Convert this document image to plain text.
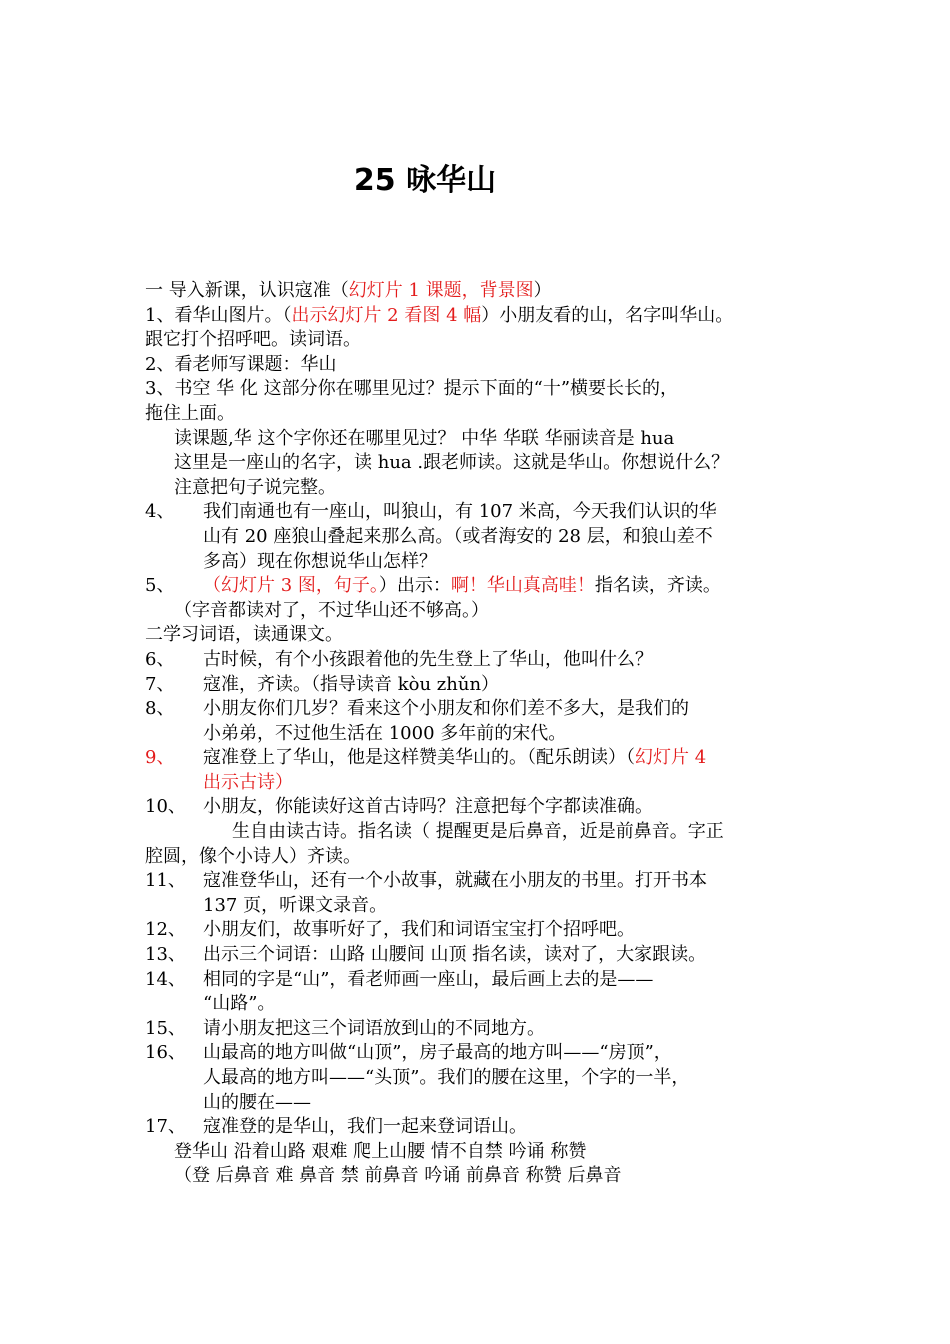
25 咏华山
一 导入新课，认识寇准（幻灯片 1 课题，背景图）
1、看华山图片。（出示幻灯片 2 看图 4 幅）小朋友看的山，名字叫华山。
跟它打个招呼吧。读词语。
2、看老师写课题：华山
3、书空 华 化 这部分你在哪里见过？提示下面的“十”横要长长的，
拖住上面。
读课题,华 这个字你还在哪里见过？ 中华 华联 华丽读音是 hua
这里是一座山的名字，读 hua .跟老师读。这就是华山。你想说什么？
注意把句子说完整。
4、 我们南通也有一座山，叫狼山，有 107 米高，今天我们认识的华
山有 20 座狼山叠起来那么高。（或者海安的 28 层，和狼山差不
多高）现在你想说华山怎样？
5、 （幻灯片 3 图，句子。）出示：啊！华山真高哇！指名读，齐读。
（字音都读对了，不过华山还不够高。）
二学习词语，读通课文。
6、 古时候，有个小孩跟着他的先生登上了华山，他叫什么？
7、 寇准，齐读。（指导读音 kòu zhǔn）
8、 小朋友你们几岁？看来这个小朋友和你们差不多大，是我们的
小弟弟，不过他生活在 1000 多年前的宋代。
9、 寇准登上了华山，他是这样赞美华山的。（配乐朗读）（幻灯片 4
出示古诗）
10、 小朋友，你能读好这首古诗吗？注意把每个字都读准确。
生自由读古诗。指名读（ 提醒更是后鼻音，近是前鼻音。字正
腔圆，像个小诗人）齐读。
11、 寇准登华山，还有一个小故事，就藏在小朋友的书里。打开书本
137 页，听课文录音。
12、 小朋友们，故事听好了，我们和词语宝宝打个招呼吧。
13、 出示三个词语：山路 山腰间 山顶 指名读，读对了，大家跟读。
14、 相同的字是“山”，看老师画一座山，最后画上去的是——
“山路”。
15、 请小朋友把这三个词语放到山的不同地方。
16、 山最高的地方叫做“山顶”，房子最高的地方叫——“房顶”，
人最高的地方叫——“头顶”。我们的腰在这里，个字的一半，
山的腰在——
17、 寇准登的是华山，我们一起来登词语山。
登华山 沿着山路 艰难 爬上山腰 情不自禁 吟诵 称赞
（登 后鼻音 难 鼻音 禁 前鼻音 吟诵 前鼻音 称赞 后鼻音
